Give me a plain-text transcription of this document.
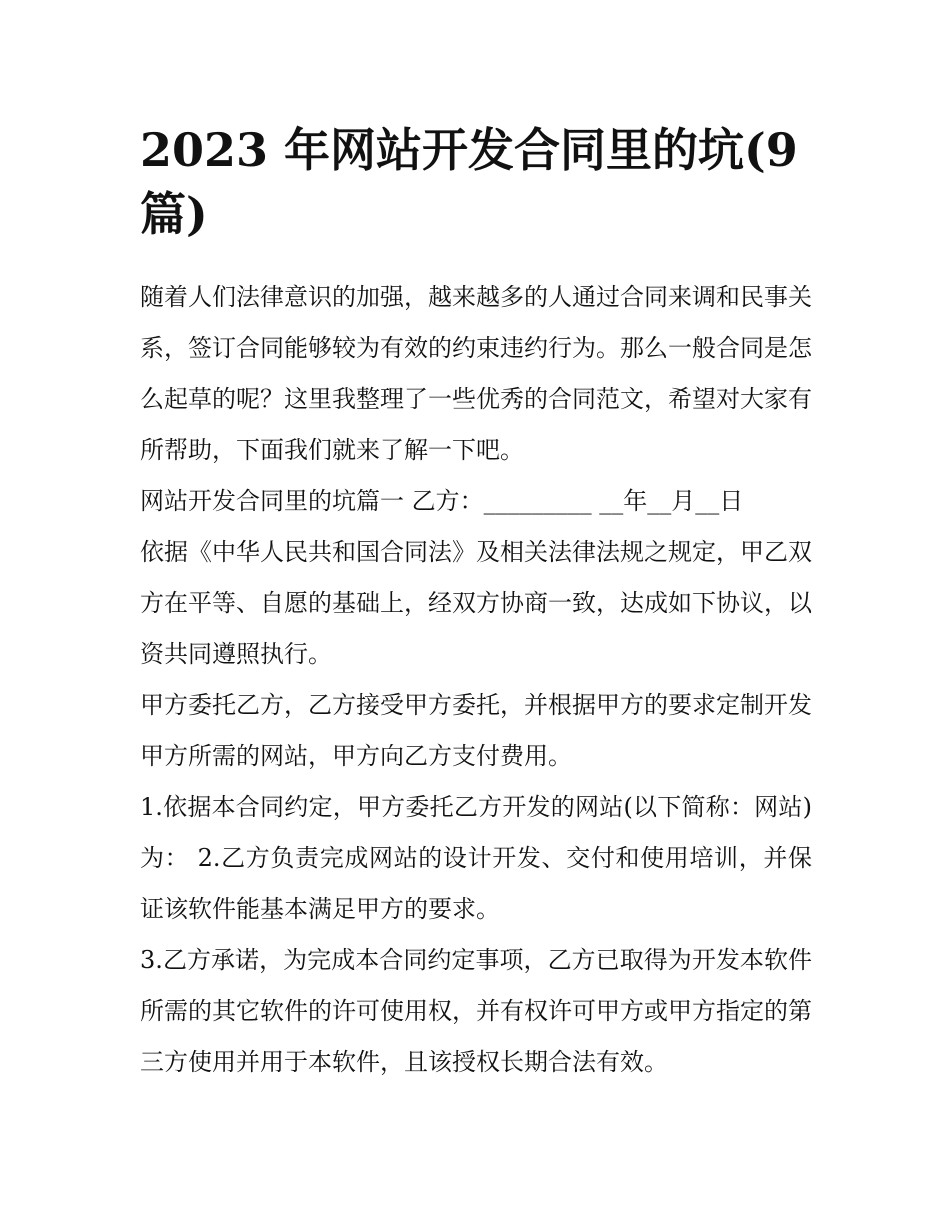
2023 年网站开发合同里的坑(9 篇)

随着人们法律意识的加强，越来越多的人通过合同来调和民事关系，签订合同能够较为有效的约束违约行为。那么一般合同是怎么起草的呢？这里我整理了一些优秀的合同范文，希望对大家有所帮助，下面我们就来了解一下吧。

网站开发合同里的坑篇一 乙方：_________ __年__月__日

依据《中华人民共和国合同法》及相关法律法规之规定，甲乙双方在平等、自愿的基础上，经双方协商一致，达成如下协议，以资共同遵照执行。

甲方委托乙方，乙方接受甲方委托，并根据甲方的要求定制开发甲方所需的网站，甲方向乙方支付费用。

1.依据本合同约定，甲方委托乙方开发的网站(以下简称：网站)为： 2.乙方负责完成网站的设计开发、交付和使用培训，并保证该软件能基本满足甲方的要求。

3.乙方承诺，为完成本合同约定事项，乙方已取得为开发本软件所需的其它软件的许可使用权，并有权许可甲方或甲方指定的第三方使用并用于本软件，且该授权长期合法有效。
